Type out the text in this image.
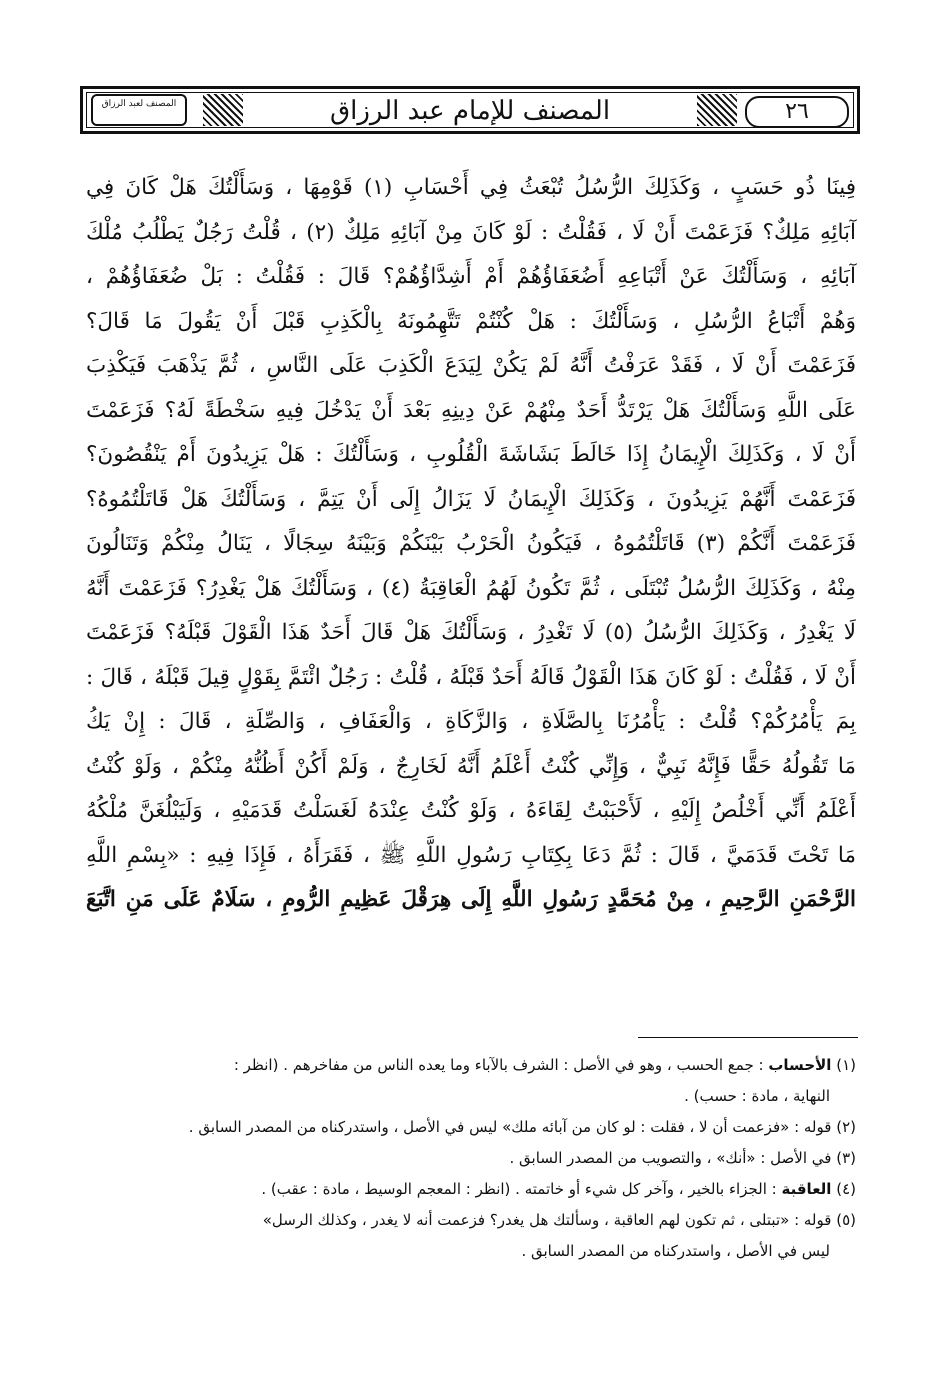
٢٦
المصنف للإمام عبد الرزاق
المصنف لعبد الرزاق

فِينَا ذُو حَسَبٍ ، وَكَذَلِكَ الرُّسُلُ تُبْعَثُ فِي أَحْسَابِ (١) قَوْمِهَا ، وَسَأَلْتُكَ هَلْ كَانَ فِي

آبَائِهِ مَلِكٌ؟ فَزَعَمْتَ أَنْ لَا ، فَقُلْتُ : لَوْ كَانَ مِنْ آبَائِهِ مَلِكٌ (٢) ، قُلْتُ رَجُلٌ يَطْلُبُ مُلْكَ

آبَائِهِ ، وَسَأَلْتُكَ عَنْ أَتْبَاعِهِ أَضُعَفَاؤُهُمْ أَمْ أَشِدَّاؤُهُمْ؟ قَالَ : فَقُلْتُ : بَلْ ضُعَفَاؤُهُمْ ،

وَهُمْ أَتْبَاعُ الرُّسُلِ ، وَسَأَلْتُكَ : هَلْ كُنْتُمْ تَتَّهِمُونَهُ بِالْكَذِبِ قَبْلَ أَنْ يَقُولَ مَا قَالَ؟

فَزَعَمْتَ أَنْ لَا ، فَقَدْ عَرَفْتُ أَنَّهُ لَمْ يَكُنْ لِيَدَعَ الْكَذِبَ عَلَى النَّاسِ ، ثُمَّ يَذْهَبَ فَيَكْذِبَ

عَلَى اللَّهِ وَسَأَلْتُكَ هَلْ يَرْتَدُّ أَحَدٌ مِنْهُمْ عَنْ دِينِهِ بَعْدَ أَنْ يَدْخُلَ فِيهِ سَخْطَةً لَهُ؟ فَزَعَمْتَ

أَنْ لَا ، وَكَذَلِكَ الْإِيمَانُ إِذَا خَالَطَ بَشَاشَةَ الْقُلُوبِ ، وَسَأَلْتُكَ : هَلْ يَزِيدُونَ أَمْ يَنْقُصُونَ؟

فَزَعَمْتَ أَنَّهُمْ يَزِيدُونَ ، وَكَذَلِكَ الْإِيمَانُ لَا يَزَالُ إِلَى أَنْ يَتِمَّ ، وَسَأَلْتُكَ هَلْ قَاتَلْتُمُوهُ؟

فَزَعَمْتَ أَنَّكُمْ (٣) قَاتَلْتُمُوهُ ، فَيَكُونُ الْحَرْبُ بَيْنَكُمْ وَبَيْنَهُ سِجَالًا ، يَنَالُ مِنْكُمْ وَتَنَالُونَ

مِنْهُ ، وَكَذَلِكَ الرُّسُلُ تُبْتَلَى ، ثُمَّ تَكُونُ لَهُمُ الْعَاقِبَةُ (٤) ، وَسَأَلْتُكَ هَلْ يَغْدِرُ؟ فَزَعَمْتَ أَنَّهُ

لَا يَغْدِرُ ، وَكَذَلِكَ الرُّسُلُ (٥) لَا تَغْدِرُ ، وَسَأَلْتُكَ هَلْ قَالَ أَحَدٌ هَذَا الْقَوْلَ قَبْلَهُ؟ فَزَعَمْتَ

أَنْ لَا ، فَقُلْتُ : لَوْ كَانَ هَذَا الْقَوْلُ قَالَهُ أَحَدٌ قَبْلَهُ ، قُلْتُ : رَجُلٌ ائْتَمَّ بِقَوْلٍ قِيلَ قَبْلَهُ ، قَالَ :

بِمَ يَأْمُرُكُمْ؟ قُلْتُ : يَأْمُرُنَا بِالصَّلَاةِ ، وَالزَّكَاةِ ، وَالْعَفَافِ ، وَالصِّلَةِ ، قَالَ : إِنْ يَكُ

مَا تَقُولُهُ حَقًّا فَإِنَّهُ نَبِيٌّ ، وَإِنِّي كُنْتُ أَعْلَمُ أَنَّهُ لَخَارِجٌ ، وَلَمْ أَكُنْ أَظُنُّهُ مِنْكُمْ ، وَلَوْ كُنْتُ

أَعْلَمُ أَنِّي أَخْلُصُ إِلَيْهِ ، لَأَحْبَبْتُ لِقَاءَهُ ، وَلَوْ كُنْتُ عِنْدَهُ لَغَسَلْتُ قَدَمَيْهِ ، وَلَيَبْلُغَنَّ مُلْكُهُ

مَا تَحْتَ قَدَمَيَّ ، قَالَ : ثُمَّ دَعَا بِكِتَابِ رَسُولِ اللَّهِ ﷺ ، فَقَرَأَهُ ، فَإِذَا فِيهِ : «بِسْمِ اللَّهِ

الرَّحْمَنِ الرَّحِيمِ ، مِنْ مُحَمَّدٍ رَسُولِ اللَّهِ إِلَى هِرَقْلَ عَظِيمِ الرُّومِ ، سَلَامٌ عَلَى مَنِ اتَّبَعَ

(١) الأحساب : جمع الحسب ، وهو في الأصل : الشرف بالآباء وما يعده الناس من مفاخرهم . (انظر :

النهاية ، مادة : حسب) .

(٢) قوله : «فزعمت أن لا ، فقلت : لو كان من آبائه ملك» ليس في الأصل ، واستدركناه من المصدر السابق .

(٣) في الأصل : «أنك» ، والتصويب من المصدر السابق .

(٤) العاقبة : الجزاء بالخير ، وآخر كل شيء أو خاتمته . (انظر : المعجم الوسيط ، مادة : عقب) .

(٥) قوله : «تبتلى ، ثم تكون لهم العاقبة ، وسألتك هل يغدر؟ فزعمت أنه لا يغدر ، وكذلك الرسل»

ليس في الأصل ، واستدركناه من المصدر السابق .
